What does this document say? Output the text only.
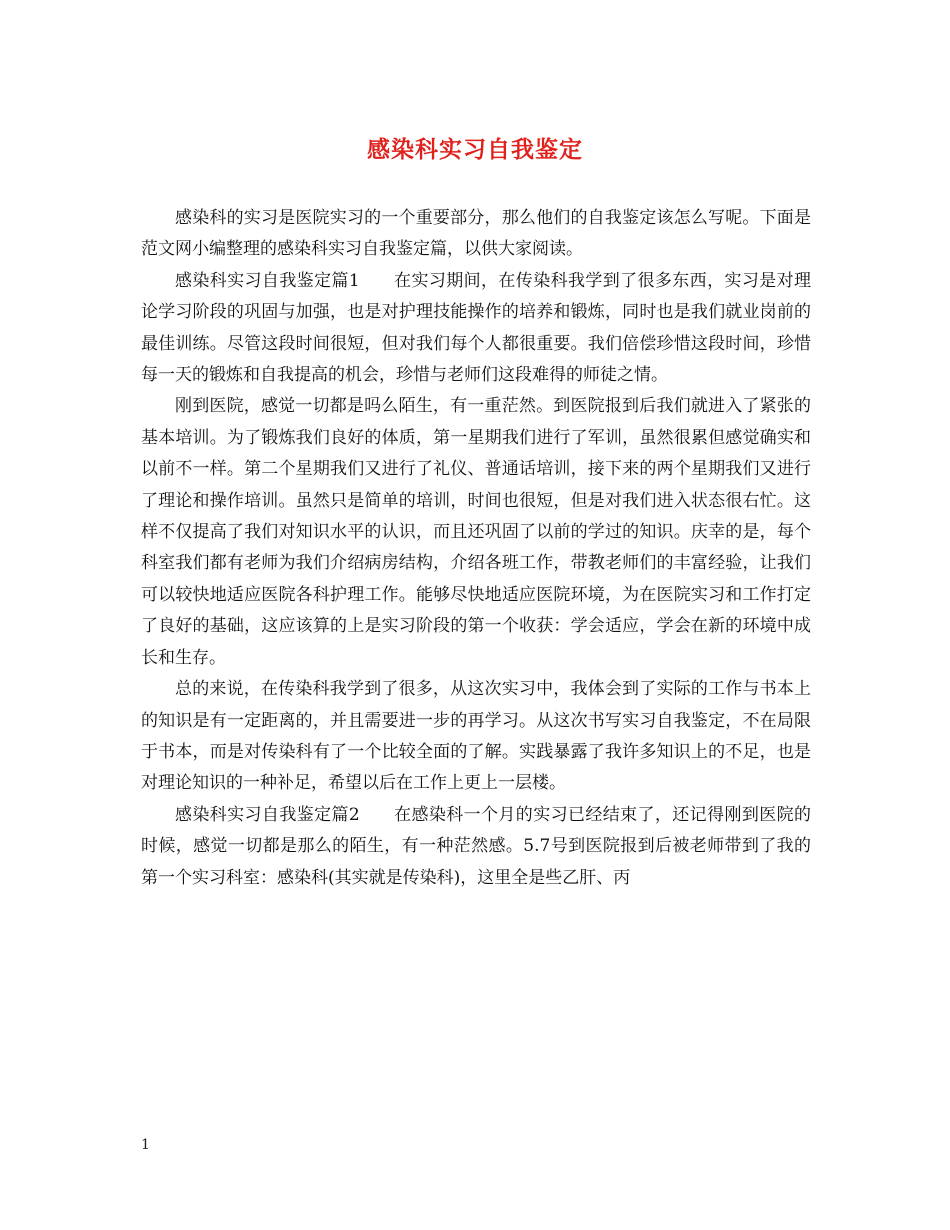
感染科实习自我鉴定

感染科的实习是医院实习的一个重要部分，那么他们的自我鉴定该怎么写呢。下面是范文网小编整理的感染科实习自我鉴定篇，以供大家阅读。

感染科实习自我鉴定篇1 在实习期间，在传染科我学到了很多东西，实习是对理论学习阶段的巩固与加强，也是对护理技能操作的培养和锻炼，同时也是我们就业岗前的最佳训练。尽管这段时间很短，但对我们每个人都很重要。我们倍偿珍惜这段时间，珍惜每一天的锻炼和自我提高的机会，珍惜与老师们这段难得的师徒之情。

刚到医院，感觉一切都是吗么陌生，有一重茫然。到医院报到后我们就进入了紧张的基本培训。为了锻炼我们良好的体质，第一星期我们进行了军训，虽然很累但感觉确实和以前不一样。第二个星期我们又进行了礼仪、普通话培训，接下来的两个星期我们又进行了理论和操作培训。虽然只是简单的培训，时间也很短，但是对我们进入状态很右忙。这样不仅提高了我们对知识水平的认识，而且还巩固了以前的学过的知识。庆幸的是，每个科室我们都有老师为我们介绍病房结构，介绍各班工作，带教老师们的丰富经验，让我们可以较快地适应医院各科护理工作。能够尽快地适应医院环境，为在医院实习和工作打定了良好的基础，这应该算的上是实习阶段的第一个收获：学会适应，学会在新的环境中成长和生存。

总的来说，在传染科我学到了很多，从这次实习中，我体会到了实际的工作与书本上的知识是有一定距离的，并且需要进一步的再学习。从这次书写实习自我鉴定，不在局限于书本，而是对传染科有了一个比较全面的了解。实践暴露了我许多知识上的不足，也是对理论知识的一种补足，希望以后在工作上更上一层楼。

感染科实习自我鉴定篇2 在感染科一个月的实习已经结束了，还记得刚到医院的时候，感觉一切都是那么的陌生，有一种茫然感。5.7号到医院报到后被老师带到了我的第一个实习科室：感染科(其实就是传染科)，这里全是些乙肝、丙

1
